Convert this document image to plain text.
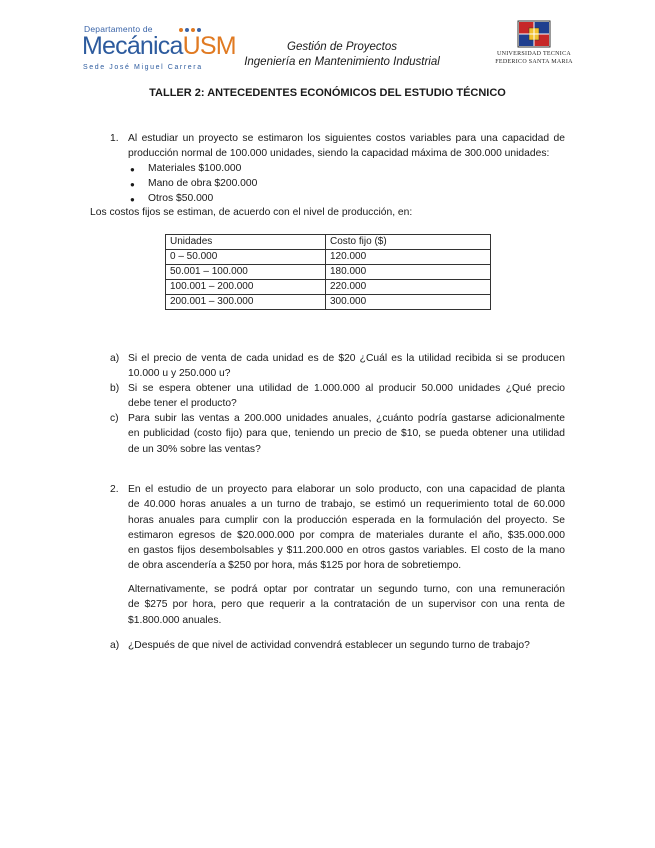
Departamento de
MecánicaUSM
Sede José Miguel Carrera
Gestión de Proyectos
Ingeniería en Mantenimiento Industrial
UNIVERSIDAD TECNICA
FEDERICO SANTA MARIA
TALLER 2: ANTECEDENTES ECONÓMICOS DEL ESTUDIO TÉCNICO
1. Al estudiar un proyecto se estimaron los siguientes costos variables para una capacidad de
producción normal de 100.000 unidades, siendo la capacidad máxima de 300.000 unidades:
● Materiales $100.000
● Mano de obra $200.000
● Otros $50.000
Los costos fijos se estiman, de acuerdo con el nivel de producción, en:
Unidades	Costo fijo ($)
0 – 50.000	120.000
50.001 – 100.000	180.000
100.001 – 200.000	220.000
200.001 – 300.000	300.000
a) Si el precio de venta de cada unidad es de $20 ¿Cuál es la utilidad recibida si se producen
10.000 u y 250.000 u?
b) Si se espera obtener una utilidad de 1.000.000 al producir 50.000 unidades ¿Qué precio
debe tener el producto?
c) Para subir las ventas a 200.000 unidades anuales, ¿cuánto podría gastarse adicionalmente
en publicidad (costo fijo) para que, teniendo un precio de $10, se pueda obtener una utilidad
de un 30% sobre las ventas?
2. En el estudio de un proyecto para elaborar un solo producto, con una capacidad de planta
de 40.000 horas anuales a un turno de trabajo, se estimó un requerimiento total de 60.000
horas anuales para cumplir con la producción esperada en la formulación del proyecto. Se
estimaron egresos de $20.000.000 por compra de materiales durante el año, $35.000.000
en gastos fijos desembolsables y $11.200.000 en otros gastos variables. El costo de la mano
de obra ascendería a $250 por hora, más $125 por hora de sobretiempo.
Alternativamente, se podrá optar por contratar un segundo turno, con una remuneración
de $275 por hora, pero que requerir a la contratación de un supervisor con una renta de
$1.800.000 anuales.
a) ¿Después de que nivel de actividad convendrá establecer un segundo turno de trabajo?
